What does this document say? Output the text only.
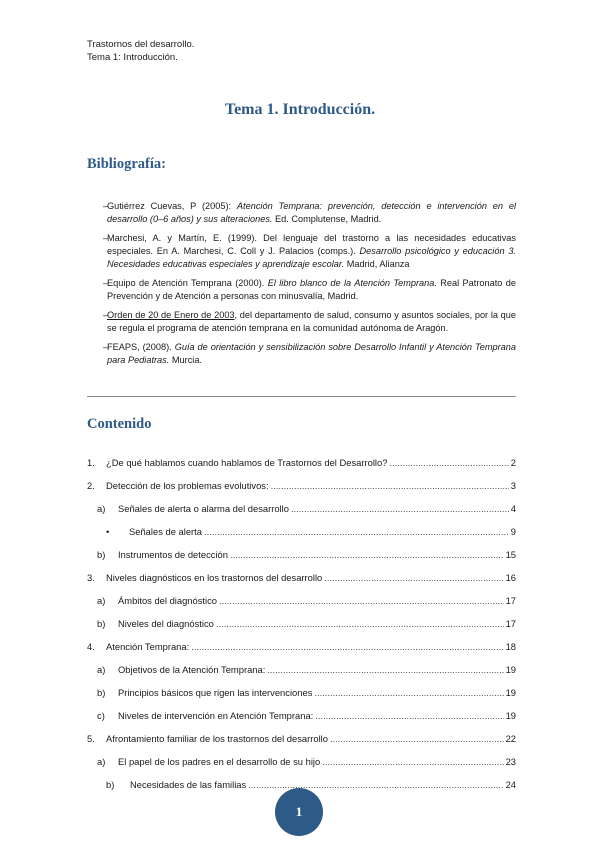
Trastornos del desarrollo.
Tema 1: Introducción.
Tema 1. Introducción.
Bibliografía:
–
Gutiérrez Cuevas, P (2005): Atención Temprana: prevención, detección e intervención en el desarrollo (0–6 años) y sus alteraciones. Ed. Complutense, Madrid.
–
Marchesi, A. y Martín, E. (1999). Del lenguaje del trastorno a las necesidades educativas especiales. En A. Marchesi, C. Coll y J. Palacios (comps.). Desarrollo psicológico y educación 3. Necesidades educativas especiales y aprendizaje escolar. Madrid, Alianza
–
Equipo de Atención Temprana (2000). El libro blanco de la Atención Temprana. Real Patronato de Prevención y de Atención a personas con minusvalía, Madrid.
–
Orden de 20 de Enero de 2003, del departamento de salud, consumo y asuntos sociales, por la que se regula el programa de atención temprana en la comunidad autónoma de Aragón.
–
FEAPS, (2008). Guía de orientación y sensibilización sobre Desarrollo Infantil y Atención Temprana para Pediatras. Murcia.
Contenido
1.	¿De qué hablamos cuando hablamos de Trastornos del Desarrollo? .....	2
2.	Detección de los problemas evolutivos: .....	3
a)	Señales de alerta o alarma del desarrollo .....	4
•	Señales de alerta .....	9
b)	Instrumentos de detección .....	15
3.	Niveles diagnósticos en los trastornos del desarrollo .....	16
a)	Ámbitos del diagnóstico .....	17
b)	Niveles del diagnóstico .....	17
4.	Atención Temprana: .....	18
a)	Objetivos de la Atención Temprana: .....	19
b)	Principios básicos que rigen las intervenciones .....	19
c)	Niveles de intervención en Atención Temprana: .....	19
5.	Afrontamiento familiar de los trastornos del desarrollo .....	22
a)	El papel de los padres en el desarrollo de su hijo .....	23
b)	Necesidades de las familias .....	24
1
